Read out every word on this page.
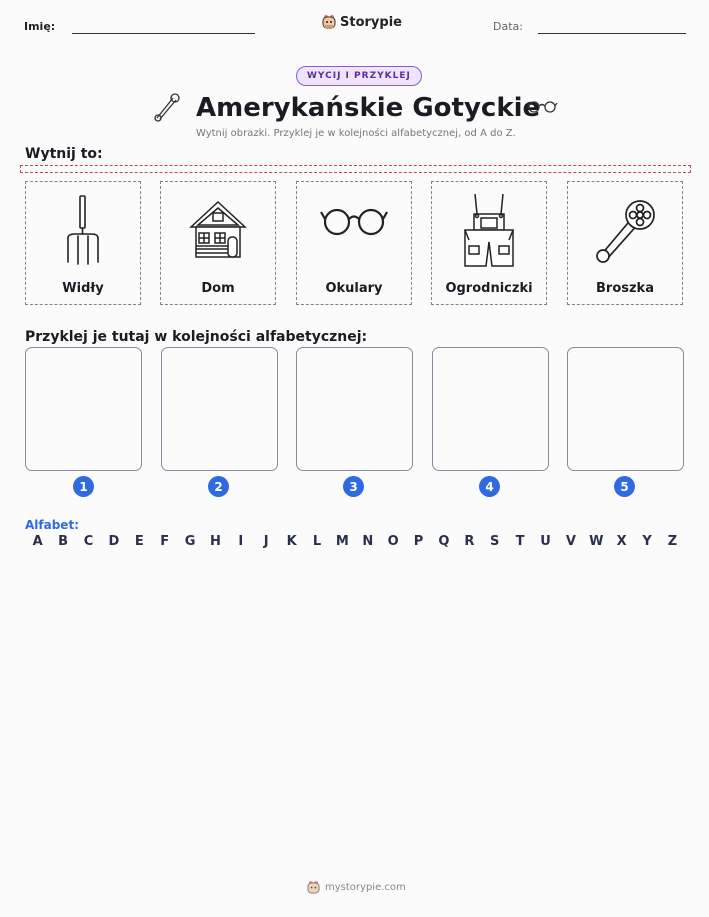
Imię:	Storypie	Data:
WYCIJ I PRZYKLEJ
Amerykańskie Gotyckie
Wytnij obrazki. Przyklej je w kolejności alfabetycznej, od A do Z.
Wytnij to:
Widły	Dom	Okulary	Ogrodniczki	Broszka
Przyklej je tutaj w kolejności alfabetycznej:
1	2	3	4	5
Alfabet:
A	B	C	D	E	F	G	H	I	J	K	L	M	N	O	P	Q	R	S	T	U	V	W	X	Y	Z
mystorypie.com
